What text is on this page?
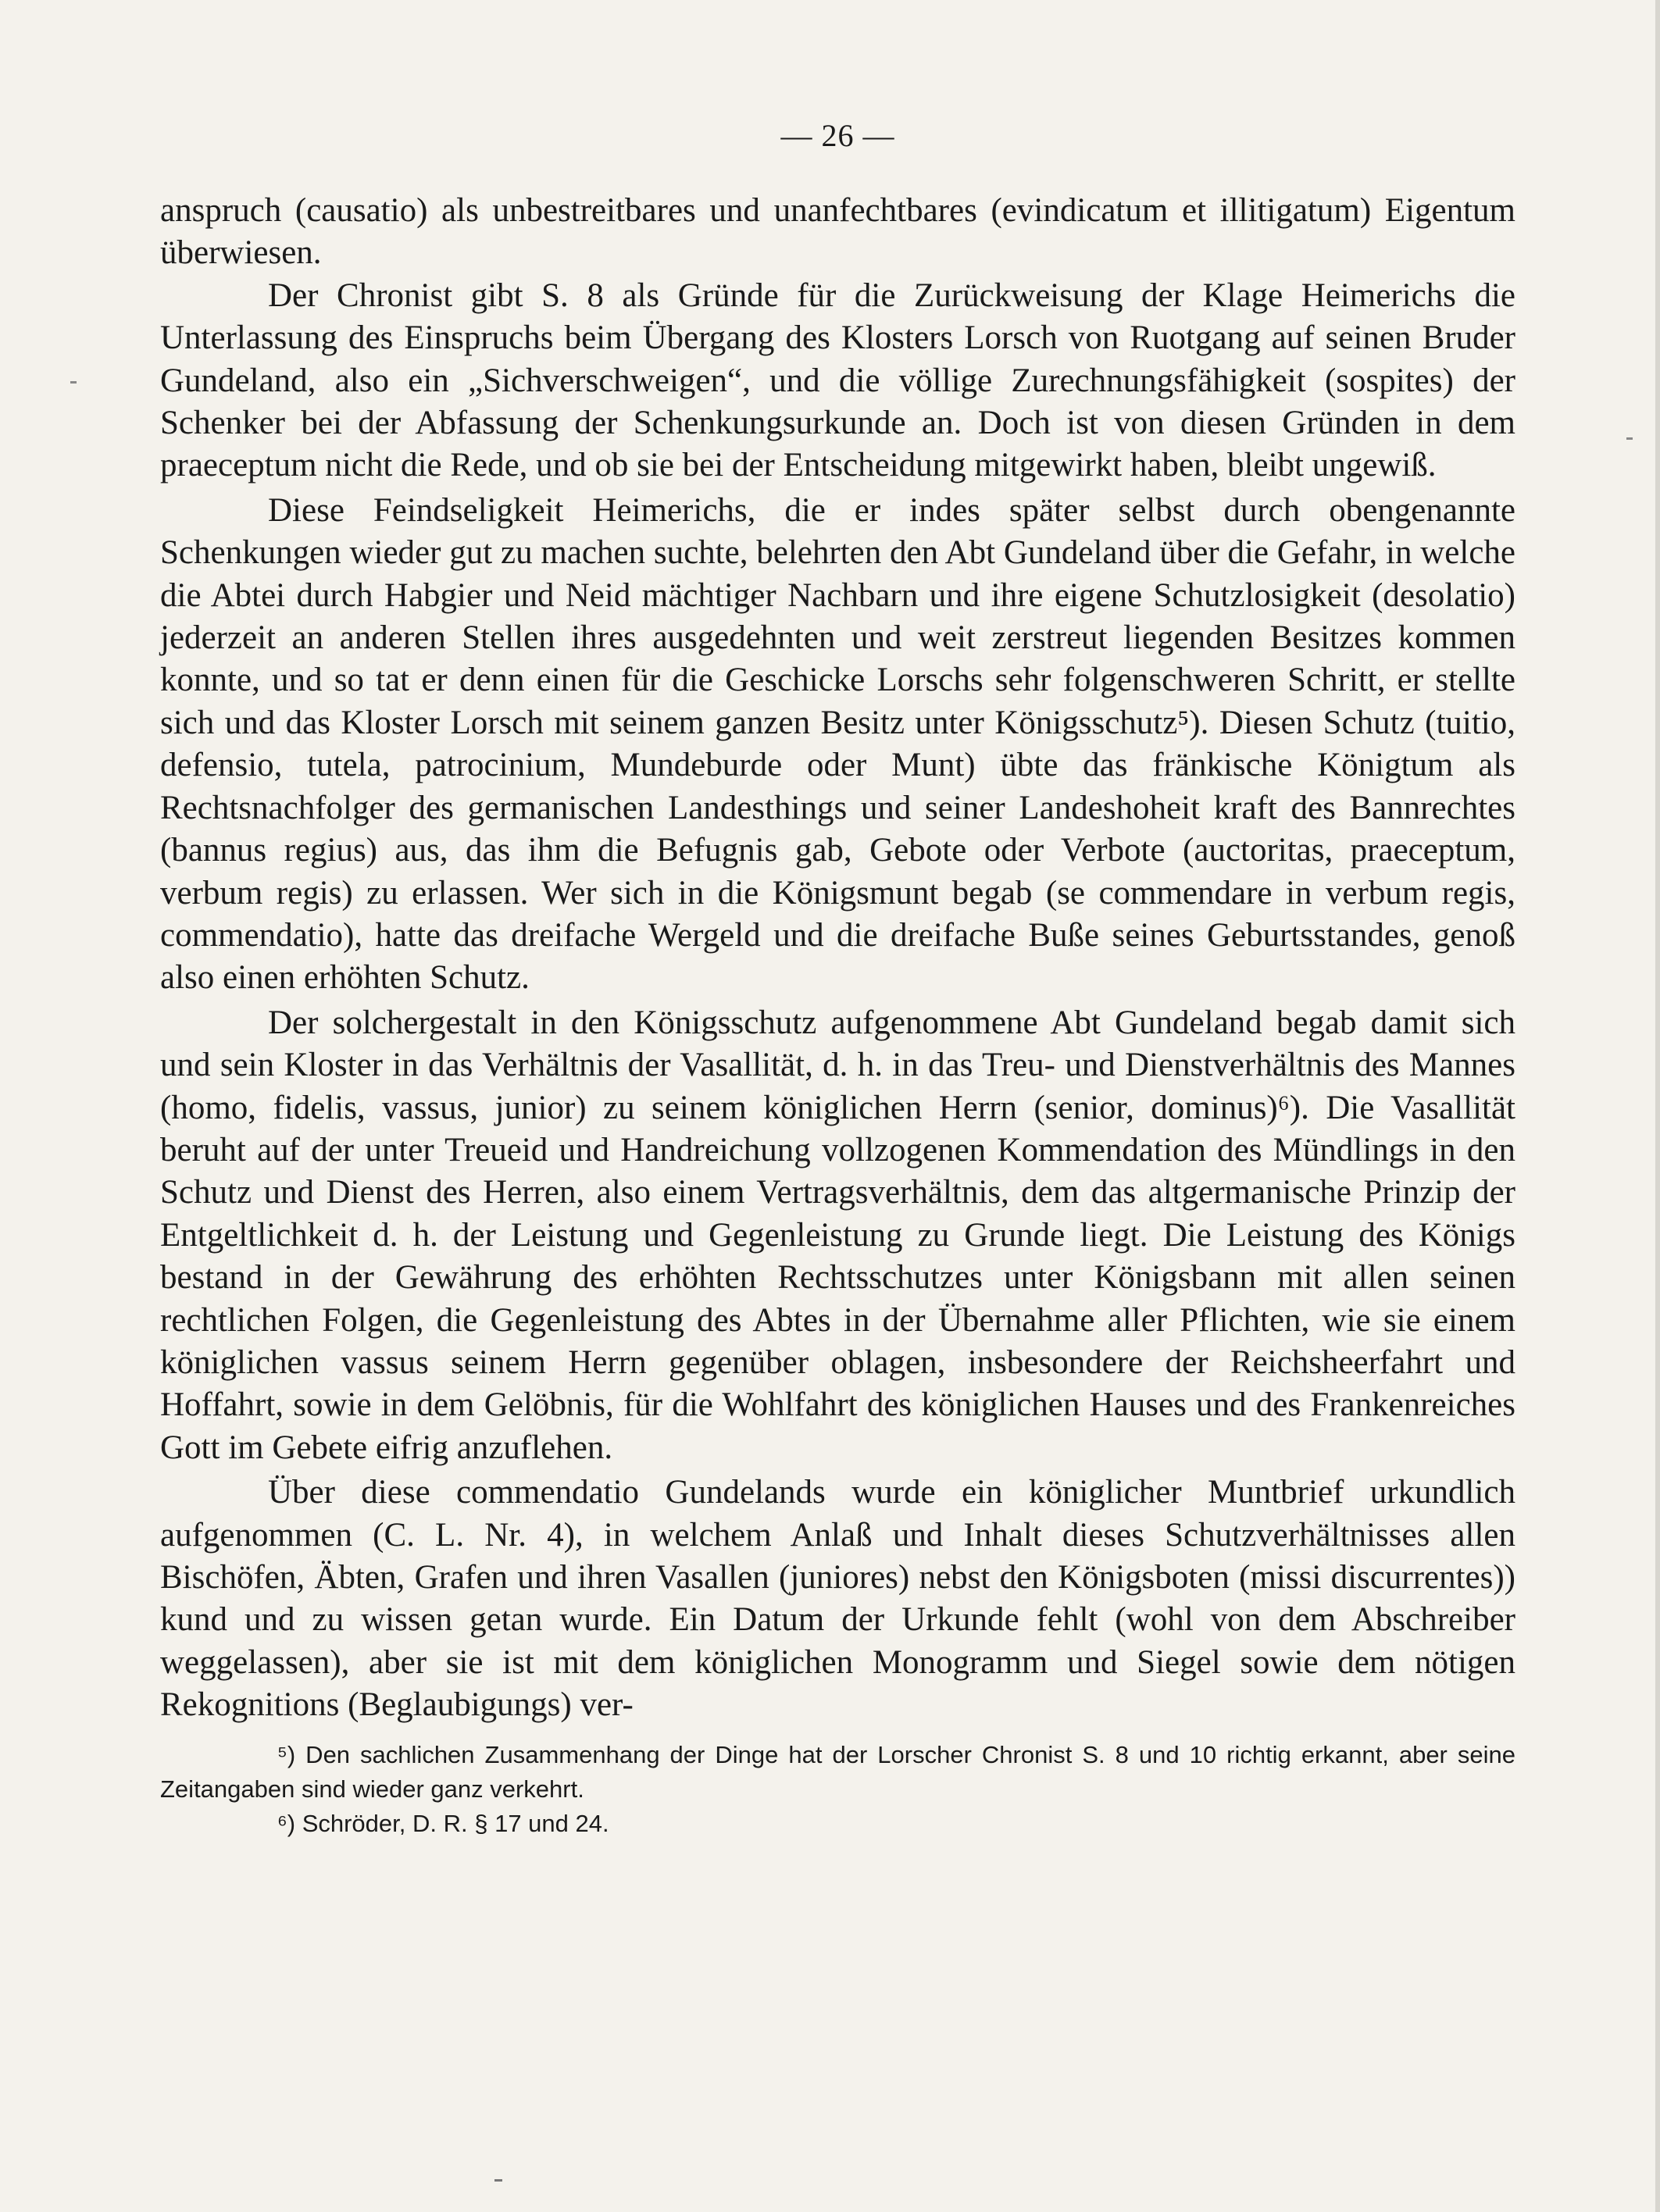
— 26 —

anspruch (causatio) als unbestreitbares und unanfechtbares (evindicatum et illitigatum) Eigentum überwiesen.

Der Chronist gibt S. 8 als Gründe für die Zurückweisung der Klage Heimerichs die Unterlassung des Einspruchs beim Übergang des Klosters Lorsch von Ruotgang auf seinen Bruder Gundeland, also ein „Sichverschweigen“, und die völlige Zurechnungsfähigkeit (sospites) der Schenker bei der Abfassung der Schenkungsurkunde an. Doch ist von diesen Gründen in dem praeceptum nicht die Rede, und ob sie bei der Entscheidung mitgewirkt haben, bleibt ungewiß.

Diese Feindseligkeit Heimerichs, die er indes später selbst durch obengenannte Schenkungen wieder gut zu machen suchte, belehrten den Abt Gundeland über die Gefahr, in welche die Abtei durch Habgier und Neid mächtiger Nachbarn und ihre eigene Schutzlosigkeit (desolatio) jederzeit an anderen Stellen ihres ausgedehnten und weit zerstreut liegenden Besitzes kommen konnte, und so tat er denn einen für die Geschicke Lorschs sehr folgenschweren Schritt, er stellte sich und das Kloster Lorsch mit seinem ganzen Besitz unter Königsschutz⁵). Diesen Schutz (tuitio, defensio, tutela, patrocinium, Mundeburde oder Munt) übte das fränkische Königtum als Rechtsnachfolger des germanischen Landesthings und seiner Landeshoheit kraft des Bannrechtes (bannus regius) aus, das ihm die Befugnis gab, Gebote oder Verbote (auctoritas, praeceptum, verbum regis) zu erlassen. Wer sich in die Königsmunt begab (se commendare in verbum regis, commendatio), hatte das dreifache Wergeld und die dreifache Buße seines Geburtsstandes, genoß also einen erhöhten Schutz.

Der solchergestalt in den Königsschutz aufgenommene Abt Gundeland begab damit sich und sein Kloster in das Verhältnis der Vasallität, d. h. in das Treu- und Dienstverhältnis des Mannes (homo, fidelis, vassus, junior) zu seinem königlichen Herrn (senior, dominus)⁶). Die Vasallität beruht auf der unter Treueid und Handreichung vollzogenen Kommendation des Mündlings in den Schutz und Dienst des Herren, also einem Vertragsverhältnis, dem das altgermanische Prinzip der Entgeltlichkeit d. h. der Leistung und Gegenleistung zu Grunde liegt. Die Leistung des Königs bestand in der Gewährung des erhöhten Rechtsschutzes unter Königsbann mit allen seinen rechtlichen Folgen, die Gegenleistung des Abtes in der Übernahme aller Pflichten, wie sie einem königlichen vassus seinem Herrn gegenüber oblagen, insbesondere der Reichsheerfahrt und Hoffahrt, sowie in dem Gelöbnis, für die Wohlfahrt des königlichen Hauses und des Frankenreiches Gott im Gebete eifrig anzuflehen.

Über diese commendatio Gundelands wurde ein königlicher Muntbrief urkundlich aufgenommen (C. L. Nr. 4), in welchem Anlaß und Inhalt dieses Schutzverhältnisses allen Bischöfen, Äbten, Grafen und ihren Vasallen (juniores) nebst den Königsboten (missi discurrentes)) kund und zu wissen getan wurde. Ein Datum der Urkunde fehlt (wohl von dem Abschreiber weggelassen), aber sie ist mit dem königlichen Monogramm und Siegel sowie dem nötigen Rekognitions (Beglaubigungs) ver-

⁵) Den sachlichen Zusammenhang der Dinge hat der Lorscher Chronist S. 8 und 10 richtig erkannt, aber seine Zeitangaben sind wieder ganz verkehrt.

⁶) Schröder, D. R. § 17 und 24.
